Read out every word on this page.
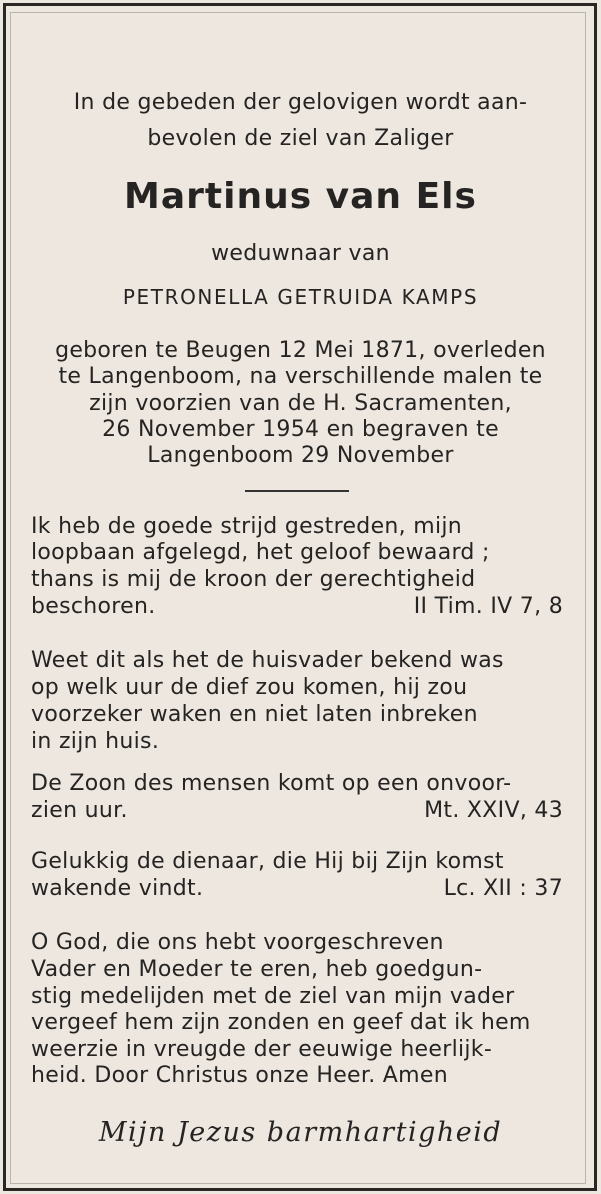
In de gebeden der gelovigen wordt aan-
bevolen de ziel van Zaliger
Martinus van Els
weduwnaar van
PETRONELLA GETRUIDA KAMPS
geboren te Beugen 12 Mei 1871, overleden
te Langenboom, na verschillende malen te
zijn voorzien van de H. Sacramenten,
26 November 1954 en begraven te
Langenboom 29 November
Ik heb de goede strijd gestreden, mijn
loopbaan afgelegd, het geloof bewaard ;
thans is mij de kroon der gerechtigheid
beschoren.	II Tim. IV 7, 8
Weet dit als het de huisvader bekend was
op welk uur de dief zou komen, hij zou
voorzeker waken en niet laten inbreken
in zijn huis.
De Zoon des mensen komt op een onvoor-
zien uur.	Mt. XXIV, 43
Gelukkig de dienaar, die Hij bij Zijn komst
wakende vindt.	Lc. XII : 37
O God, die ons hebt voorgeschreven
Vader en Moeder te eren, heb goedgun-
stig medelijden met de ziel van mijn vader
vergeef hem zijn zonden en geef dat ik hem
weerzie in vreugde der eeuwige heerlijk-
heid. Door Christus onze Heer. Amen
Mijn Jezus barmhartigheid
